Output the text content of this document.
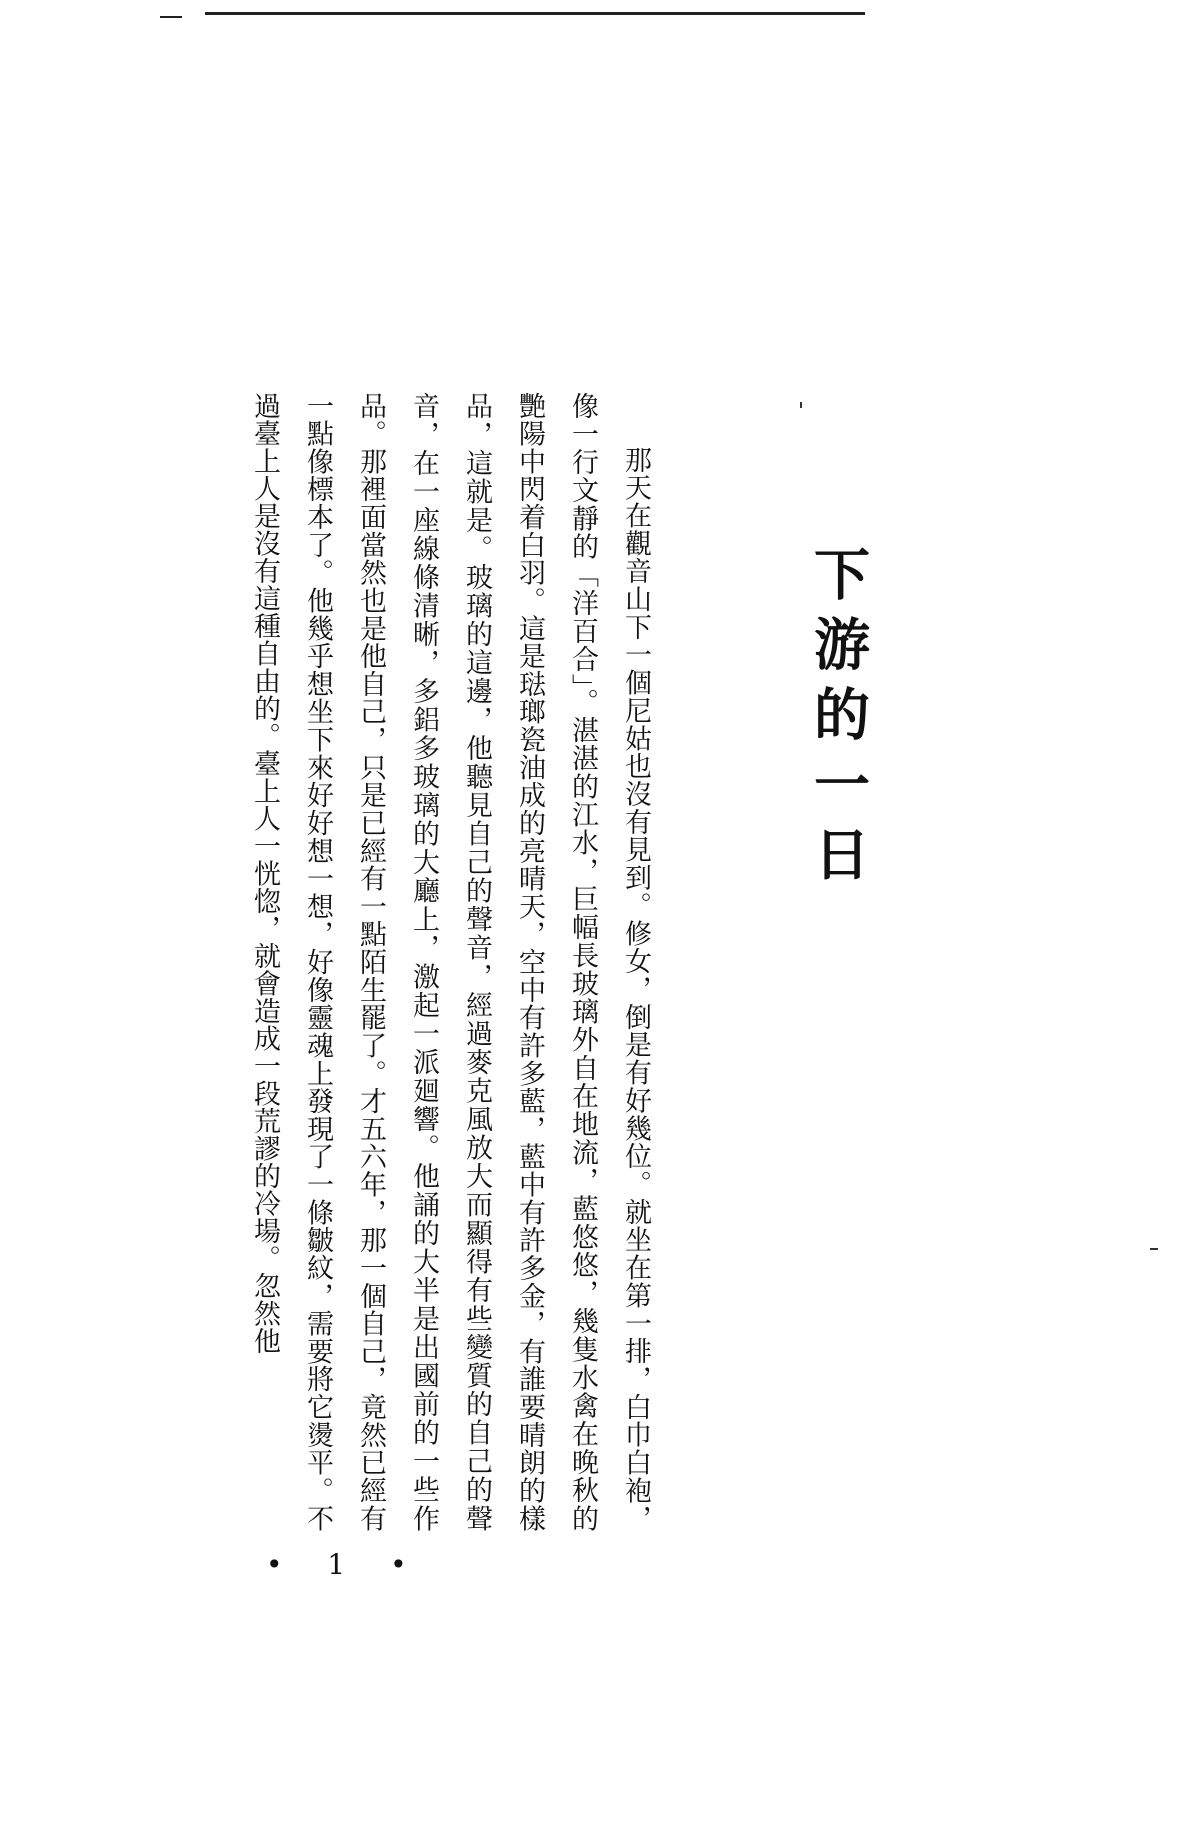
下游的一日

那天在觀音山下一個尼姑也沒有見到。修女，倒是有好幾位。就坐在第一排，白巾白袍，像一行文靜的「洋百合」。湛湛的江水，巨幅長玻璃外自在地流，藍悠悠，幾隻水禽在晚秋的艷陽中閃着白羽。這是琺瑯瓷油成的亮晴天，空中有許多藍，藍中有許多金，有誰要晴朗的樣品，這就是。玻璃的這邊，他聽見自己的聲音，經過麥克風放大而顯得有些變質的自己的聲音，在一座線條清晰，多鋁多玻璃的大廳上，激起一派廻響。他誦的大半是出國前的一些作品。那裡面當然也是他自己，只是已經有一點陌生罷了。才五六年，那一個自己，竟然已經有一點像標本了。他幾乎想坐下來好好想一想，好像靈魂上發現了一條皺紋，需要將它燙平。不過臺上人是沒有這種自由的。臺上人一恍惚，就會造成一段荒謬的冷場。忽然他

• 1 •
